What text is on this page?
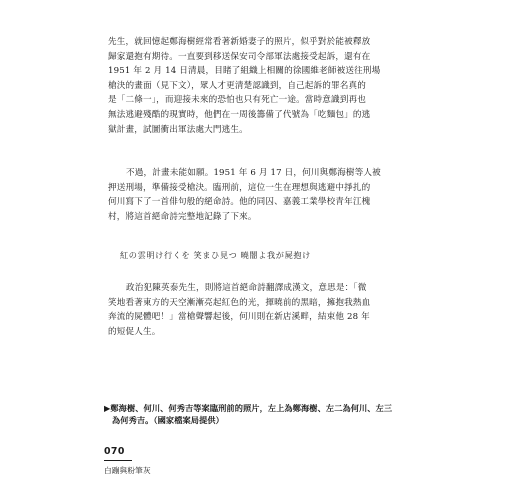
先生，就回憶起鄭海樹經常看著新婚妻子的照片，似乎對於能被釋放
歸家還抱有期待。一直要到移送保安司令部軍法處接受起訴，還有在
1951 年 2 月 14 日清晨，目睹了組織上相關的徐國維老師被送往刑場
槍決的畫面（見下文），眾人才更清楚認識到，自己起訴的罪名真的
是「二條一」，而迎接未來的恐怕也只有死亡一途。當時意識到再也
無法逃避殘酷的現實時，他們在一周後籌備了代號為「吃麵包」的逃
獄計畫，試圖衝出軍法處大門逃生。
不過，計畫未能如願。1951 年 6 月 17 日，何川與鄭海樹等人被
押送刑場，準備接受槍決。臨刑前，這位一生在理想與逃避中掙扎的
何川寫下了一首俳句般的絕命詩。他的同囚、嘉義工業學校青年江槐
村，將這首絕命詩完整地記錄了下來。

紅の雲明け行くを 笑まひ見つ 曉闇よ我が屍抱け

政治犯陳英泰先生，則將這首絕命詩翻譯成漢文，意思是：「微
笑地看著東方的天空漸漸亮起紅色的光，揮曉前的黑暗，擁抱我熱血
奔流的屍體吧！」當槍聲響起後，何川則在新店溪畔，結束他 28 年
的短促人生。
▶鄭海樹、何川、何秀吉等案臨刑前的照片，左上為鄭海樹、左二為何川、左三
為何秀吉。（國家檔案局提供）

070

白蹦與粉筆灰
